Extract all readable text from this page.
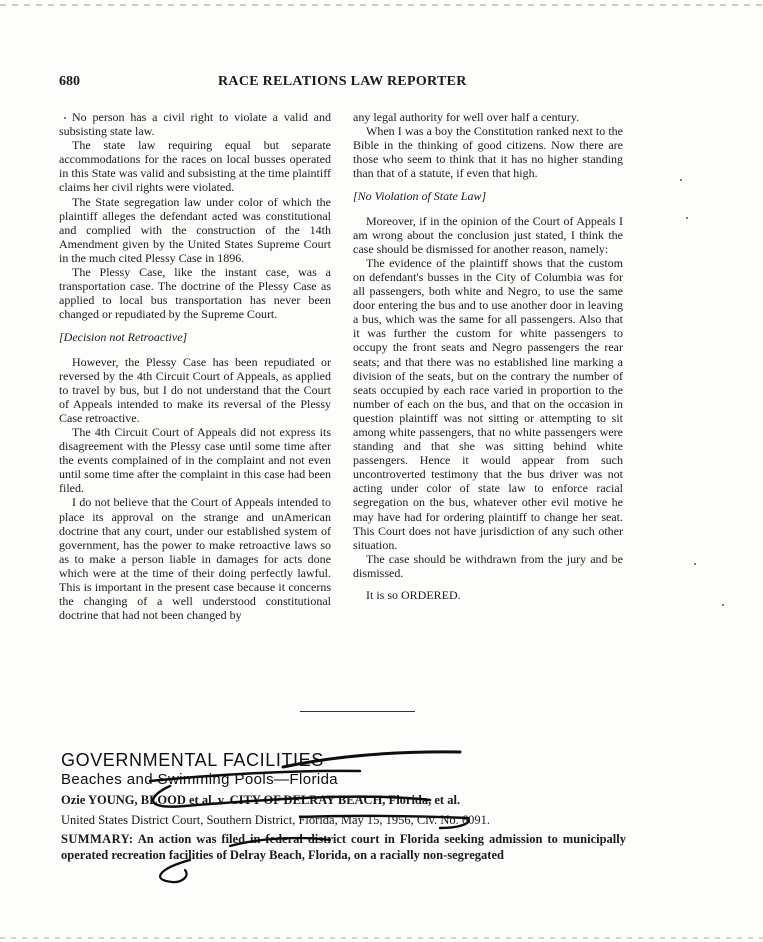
680	RACE RELATIONS LAW REPORTER

No person has a civil right to violate a valid and subsisting state law.

The state law requiring equal but separate accommodations for the races on local busses operated in this State was valid and subsisting at the time plaintiff claims her civil rights were violated.

The State segregation law under color of which the plaintiff alleges the defendant acted was constitutional and complied with the construction of the 14th Amendment given by the United States Supreme Court in the much cited Plessy Case in 1896.

The Plessy Case, like the instant case, was a transportation case. The doctrine of the Plessy Case as applied to local bus transportation has never been changed or repudiated by the Supreme Court.

[Decision not Retroactive]

However, the Plessy Case has been repudiated or reversed by the 4th Circuit Court of Appeals, as applied to travel by bus, but I do not understand that the Court of Appeals intended to make its reversal of the Plessy Case retroactive.

The 4th Circuit Court of Appeals did not express its disagreement with the Plessy case until some time after the events complained of in the complaint and not even until some time after the complaint in this case had been filed.

I do not believe that the Court of Appeals intended to place its approval on the strange and unAmerican doctrine that any court, under our established system of government, has the power to make retroactive laws so as to make a person liable in damages for acts done which were at the time of their doing perfectly lawful. This is important in the present case because it concerns the changing of a well understood constitutional doctrine that had not been changed by

any legal authority for well over half a century.

When I was a boy the Constitution ranked next to the Bible in the thinking of good citizens. Now there are those who seem to think that it has no higher standing than that of a statute, if even that high.

[No Violation of State Law]

Moreover, if in the opinion of the Court of Appeals I am wrong about the conclusion just stated, I think the case should be dismissed for another reason, namely:

The evidence of the plaintiff shows that the custom on defendant's busses in the City of Columbia was for all passengers, both white and Negro, to use the same door entering the bus and to use another door in leaving a bus, which was the same for all passengers. Also that it was further the custom for white passengers to occupy the front seats and Negro passengers the rear seats; and that there was no established line marking a division of the seats, but on the contrary the number of seats occupied by each race varied in proportion to the number of each on the bus, and that on the occasion in question plaintiff was not sitting or attempting to sit among white passengers, that no white passengers were standing and that she was sitting behind white passengers. Hence it would appear from such uncontroverted testimony that the bus driver was not acting under color of state law to enforce racial segregation on the bus, whatever other evil motive he may have had for ordering plaintiff to change her seat. This Court does not have jurisdiction of any such other situation.

The case should be withdrawn from the jury and be dismissed.

It is so ORDERED.

GOVERNMENTAL FACILITIES
Beaches and Swimming Pools—Florida
Ozie YOUNG, BLOOD et al. v. CITY OF DELRAY BEACH, Florida, et al.
United States District Court, Southern District, Florida, May 15, 1956, Civ. No. 6091.
SUMMARY: An action was filed in federal district court in Florida seeking admission to municipally operated recreation facilities of Delray Beach, Florida, on a racially non-segregated
